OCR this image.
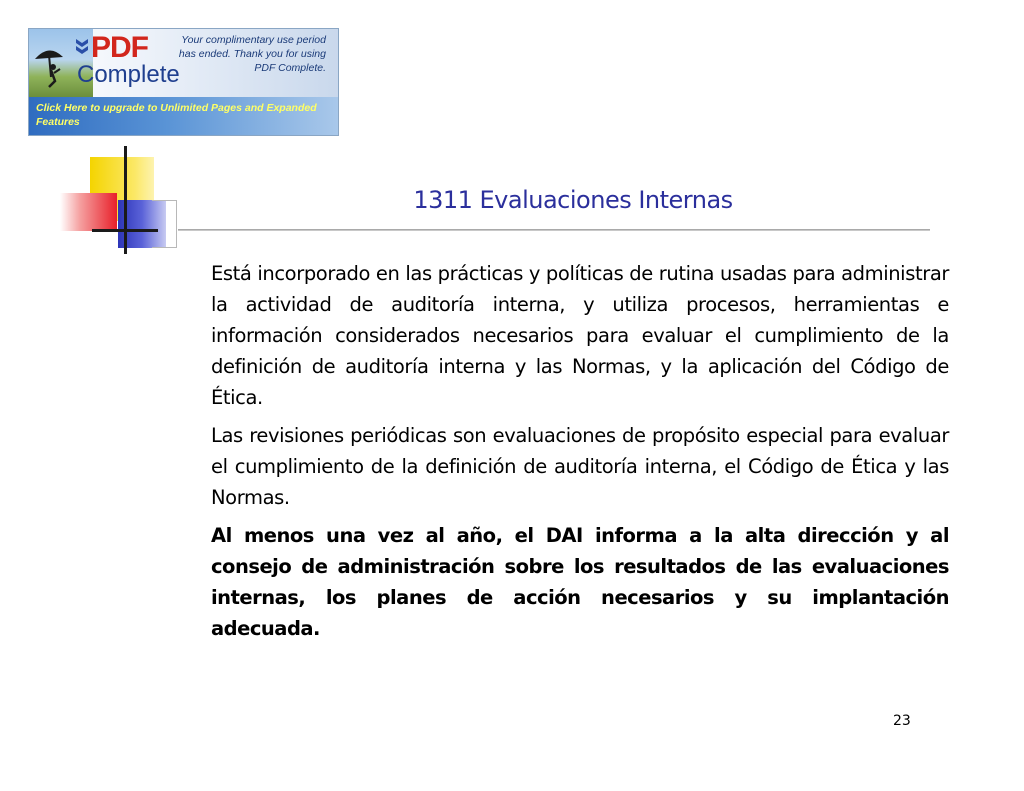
PDF
Complete
Your complimentary use period has ended. Thank you for using PDF Complete.
Click Here to upgrade to Unlimited Pages and Expanded Features
1311 Evaluaciones Internas

Está incorporado en las prácticas y políticas de rutina usadas para administrar la actividad de auditoría interna, y utiliza procesos, herramientas e información considerados necesarios para evaluar el cumplimiento de la definición de auditoría interna y las Normas, y la aplicación del Código de Ética.

Las revisiones periódicas son evaluaciones de propósito especial para evaluar el cumplimiento de la definición de auditoría interna, el Código de Ética y las Normas.

Al menos una vez al año, el DAI informa a la alta dirección y al consejo de administración sobre los resultados de las evaluaciones internas, los planes de acción necesarios y su implantación adecuada.

23
